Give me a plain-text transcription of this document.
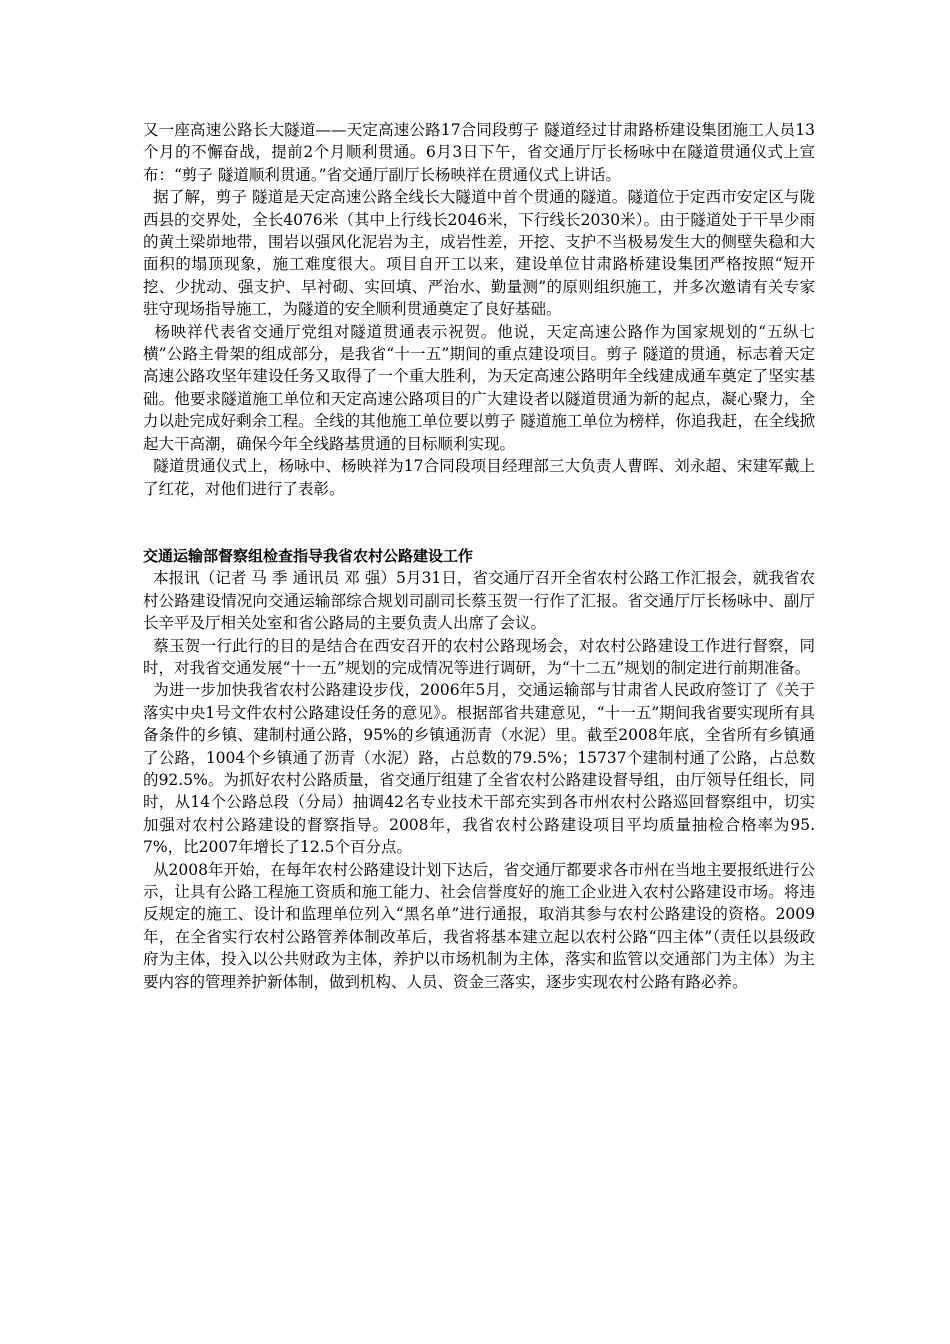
又一座高速公路长大隧道——天定高速公路17合同段剪子 隧道经过甘肃路桥建设集团施工人员13个月的不懈奋战，提前2个月顺利贯通。6月3日下午，省交通厅厅长杨咏中在隧道贯通仪式上宣布：“剪子 隧道顺利贯通。”省交通厅副厅长杨映祥在贯通仪式上讲话。

据了解，剪子 隧道是天定高速公路全线长大隧道中首个贯通的隧道。隧道位于定西市安定区与陇西县的交界处，全长4076米（其中上行线长2046米，下行线长2030米）。由于隧道处于干旱少雨的黄土梁峁地带，围岩以强风化泥岩为主，成岩性差，开挖、支护不当极易发生大的侧壁失稳和大面积的塌顶现象，施工难度很大。项目自开工以来，建设单位甘肃路桥建设集团严格按照“短开挖、少扰动、强支护、早衬砌、实回填、严治水、勤量测”的原则组织施工，并多次邀请有关专家驻守现场指导施工，为隧道的安全顺利贯通奠定了良好基础。

杨映祥代表省交通厅党组对隧道贯通表示祝贺。他说，天定高速公路作为国家规划的“五纵七横”公路主骨架的组成部分，是我省“十一五”期间的重点建设项目。剪子 隧道的贯通，标志着天定高速公路攻坚年建设任务又取得了一个重大胜利，为天定高速公路明年全线建成通车奠定了坚实基础。他要求隧道施工单位和天定高速公路项目的广大建设者以隧道贯通为新的起点，凝心聚力，全力以赴完成好剩余工程。全线的其他施工单位要以剪子 隧道施工单位为榜样，你追我赶，在全线掀起大干高潮，确保今年全线路基贯通的目标顺利实现。

隧道贯通仪式上，杨咏中、杨映祥为17合同段项目经理部三大负责人曹晖、刘永超、宋建军戴上了红花，对他们进行了表彰。

交通运输部督察组检查指导我省农村公路建设工作

本报讯（记者 马 季 通讯员 邓 强）5月31日，省交通厅召开全省农村公路工作汇报会，就我省农村公路建设情况向交通运输部综合规划司副司长蔡玉贺一行作了汇报。省交通厅厅长杨咏中、副厅长辛平及厅相关处室和省公路局的主要负责人出席了会议。

蔡玉贺一行此行的目的是结合在西安召开的农村公路现场会，对农村公路建设工作进行督察，同时，对我省交通发展“十一五”规划的完成情况等进行调研，为“十二五”规划的制定进行前期准备。

为进一步加快我省农村公路建设步伐，2006年5月，交通运输部与甘肃省人民政府签订了《关于落实中央1号文件农村公路建设任务的意见》。根据部省共建意见，“十一五”期间我省要实现所有具备条件的乡镇、建制村通公路，95%的乡镇通沥青（水泥）里。截至2008年底，全省所有乡镇通了公路，1004个乡镇通了沥青（水泥）路，占总数的79.5%；15737个建制村通了公路，占总数的92.5%。为抓好农村公路质量，省交通厅组建了全省农村公路建设督导组，由厅领导任组长，同时，从14个公路总段（分局）抽调42名专业技术干部充实到各市州农村公路巡回督察组中，切实加强对农村公路建设的督察指导。2008年，我省农村公路建设项目平均质量抽检合格率为95.7%，比2007年增长了12.5个百分点。

从2008年开始，在每年农村公路建设计划下达后，省交通厅都要求各市州在当地主要报纸进行公示，让具有公路工程施工资质和施工能力、社会信誉度好的施工企业进入农村公路建设市场。将违反规定的施工、设计和监理单位列入“黑名单”进行通报，取消其参与农村公路建设的资格。2009年，在全省实行农村公路管养体制改革后，我省将基本建立起以农村公路“四主体”（责任以县级政府为主体，投入以公共财政为主体，养护以市场机制为主体，落实和监管以交通部门为主体）为主要内容的管理养护新体制，做到机构、人员、资金三落实，逐步实现农村公路有路必养。
